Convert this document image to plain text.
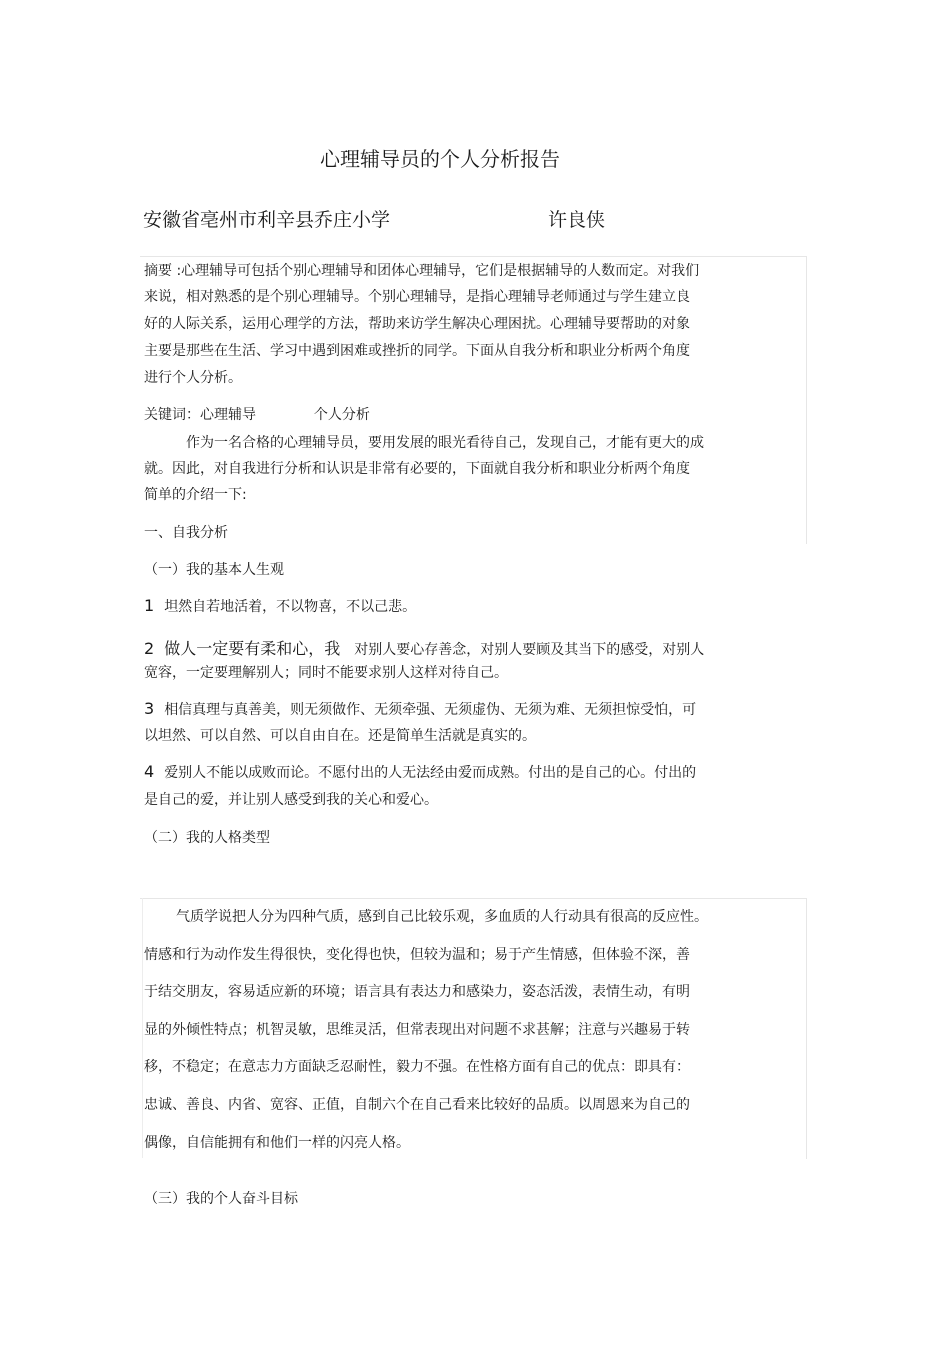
心理辅导员的个人分析报告
安徽省亳州市利辛县乔庄小学	许良侠
摘要 :心理辅导可包括个别心理辅导和团体心理辅导，它们是根据辅导的人数而定。对我们
来说，相对熟悉的是个别心理辅导。个别心理辅导，是指心理辅导老师通过与学生建立良
好的人际关系，运用心理学的方法，帮助来访学生解决心理困扰。心理辅导要帮助的对象
主要是那些在生活、学习中遇到困难或挫折的同学。下面从自我分析和职业分析两个角度
进行个人分析。
关键词：心理辅导             个人分析
作为一名合格的心理辅导员，要用发展的眼光看待自己，发现自己，才能有更大的成
就。因此，对自我进行分析和认识是非常有必要的，下面就自我分析和职业分析两个角度
简单的介绍一下:
一、自我分析
（一）我的基本人生观
1 坦然自若地活着，不以物喜，不以己悲。
2 做人一定要有柔和心，我 对别人要心存善念，对别人要顾及其当下的感受，对别人
宽容，一定要理解别人；同时不能要求别人这样对待自己。
3 相信真理与真善美，则无须做作、无须牵强、无须虚伪、无须为难、无须担惊受怕，可
以坦然、可以自然、可以自由自在。还是简单生活就是真实的。
4 爱别人不能以成败而论。不愿付出的人无法经由爱而成熟。付出的是自己的心。付出的
是自己的爱，并让别人感受到我的关心和爱心。
（二）我的人格类型
气质学说把人分为四种气质，感到自己比较乐观，多血质的人行动具有很高的反应性。
情感和行为动作发生得很快，变化得也快，但较为温和；易于产生情感，但体验不深，善
于结交朋友，容易适应新的环境；语言具有表达力和感染力，姿态活泼，表情生动，有明
显的外倾性特点；机智灵敏，思维灵活，但常表现出对问题不求甚解；注意与兴趣易于转
移，不稳定；在意志力方面缺乏忍耐性，毅力不强。在性格方面有自己的优点：即具有：
忠诚、善良、内省、宽容、正值，自制六个在自己看来比较好的品质。以周恩来为自己的
偶像，自信能拥有和他们一样的闪亮人格。
（三）我的个人奋斗目标
